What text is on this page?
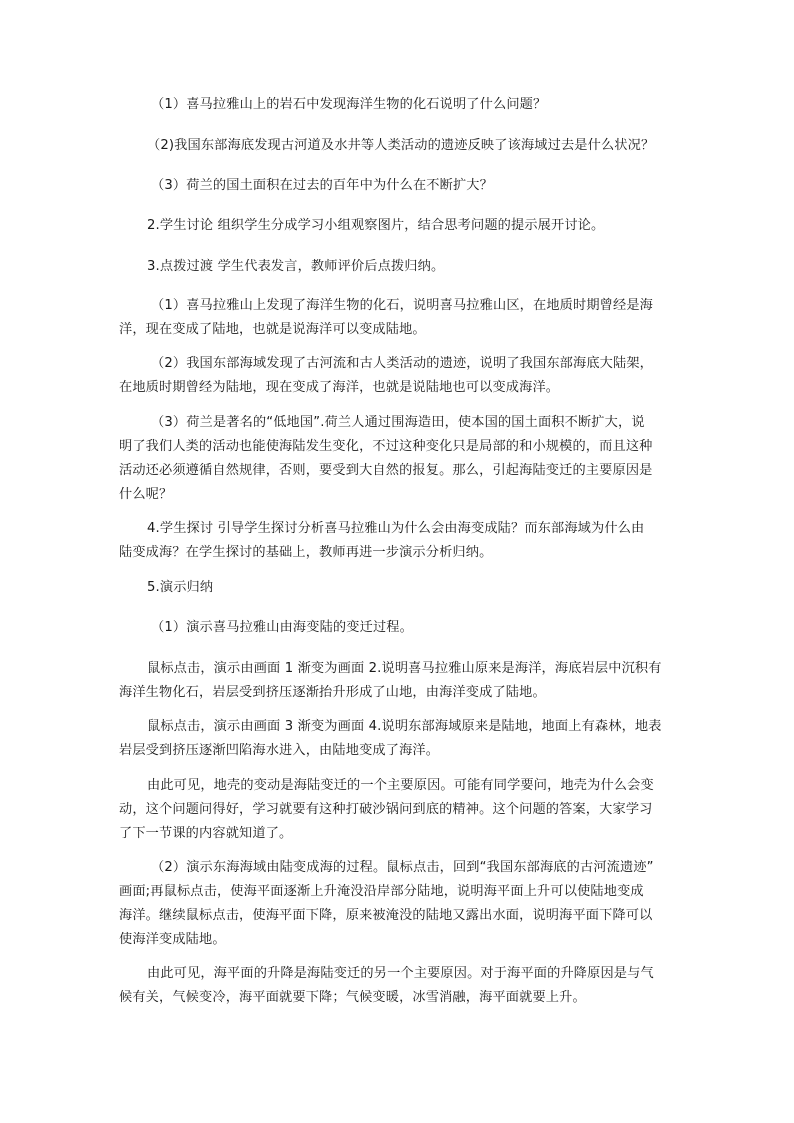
（1）喜马拉雅山上的岩石中发现海洋生物的化石说明了什么问题？

（2)我国东部海底发现古河道及水井等人类活动的遗迹反映了该海域过去是什么状况？

（3）荷兰的国土面积在过去的百年中为什么在不断扩大？

2.学生讨论 组织学生分成学习小组观察图片，结合思考问题的提示展开讨论。

3.点拨过渡 学生代表发言，教师评价后点拨归纳。

（1）喜马拉雅山上发现了海洋生物的化石，说明喜马拉雅山区，在地质时期曾经是海
洋，现在变成了陆地，也就是说海洋可以变成陆地。

（2）我国东部海域发现了古河流和古人类活动的遗迹，说明了我国东部海底大陆架，
在地质时期曾经为陆地，现在变成了海洋，也就是说陆地也可以变成海洋。

（3）荷兰是著名的“低地国”.荷兰人通过围海造田，使本国的国土面积不断扩大，说
明了我们人类的活动也能使海陆发生变化，不过这种变化只是局部的和小规模的，而且这种
活动还必须遵循自然规律，否则，要受到大自然的报复。那么，引起海陆变迁的主要原因是
什么呢？

4.学生探讨 引导学生探讨分析喜马拉雅山为什么会由海变成陆？而东部海域为什么由
陆变成海？在学生探讨的基础上，教师再进一步演示分析归纳。

5.演示归纳

（1）演示喜马拉雅山由海变陆的变迁过程。

鼠标点击，演示由画面 1 渐变为画面 2.说明喜马拉雅山原来是海洋，海底岩层中沉积有
海洋生物化石，岩层受到挤压逐渐抬升形成了山地，由海洋变成了陆地。

鼠标点击，演示由画面 3 渐变为画面 4.说明东部海域原来是陆地，地面上有森林，地表
岩层受到挤压逐渐凹陷海水进入，由陆地变成了海洋。

由此可见，地壳的变动是海陆变迁的一个主要原因。可能有同学要问，地壳为什么会变
动，这个问题问得好，学习就要有这种打破沙锅问到底的精神。这个问题的答案，大家学习
了下一节课的内容就知道了。

（2）演示东海海域由陆变成海的过程。鼠标点击，回到“我国东部海底的古河流遗迹”
画面;再鼠标点击，使海平面逐渐上升淹没沿岸部分陆地，说明海平面上升可以使陆地变成
海洋。继续鼠标点击，使海平面下降，原来被淹没的陆地又露出水面，说明海平面下降可以
使海洋变成陆地。

由此可见，海平面的升降是海陆变迁的另一个主要原因。对于海平面的升降原因是与气
候有关，气候变冷，海平面就要下降；气候变暖，冰雪消融，海平面就要上升。
